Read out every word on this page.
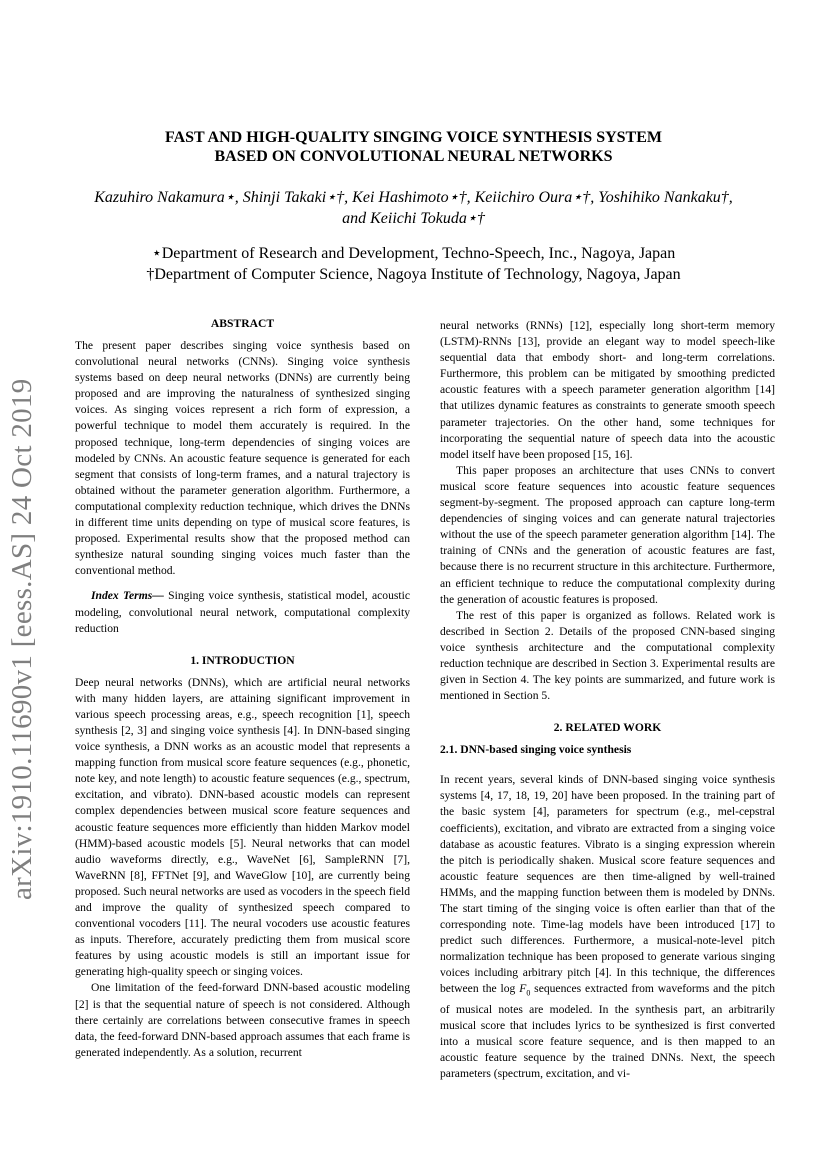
arXiv:1910.11690v1 [eess.AS] 24 Oct 2019
FAST AND HIGH-QUALITY SINGING VOICE SYNTHESIS SYSTEM
BASED ON CONVOLUTIONAL NEURAL NETWORKS
Kazuhiro Nakamura⋆, Shinji Takaki⋆†, Kei Hashimoto⋆†, Keiichiro Oura⋆†, Yoshihiko Nankaku†,
and Keiichi Tokuda⋆†
⋆Department of Research and Development, Techno-Speech, Inc., Nagoya, Japan
†Department of Computer Science, Nagoya Institute of Technology, Nagoya, Japan

ABSTRACT

The present paper describes singing voice synthesis based on convolutional neural networks (CNNs). Singing voice synthesis systems based on deep neural networks (DNNs) are currently being proposed and are improving the naturalness of synthesized singing voices. As singing voices represent a rich form of expression, a powerful technique to model them accurately is required. In the proposed technique, long-term dependencies of singing voices are modeled by CNNs. An acoustic feature sequence is generated for each segment that consists of long-term frames, and a natural trajectory is obtained without the parameter generation algorithm. Furthermore, a computational complexity reduction technique, which drives the DNNs in different time units depending on type of musical score features, is proposed. Experimental results show that the proposed method can synthesize natural sounding singing voices much faster than the conventional method.

Index Terms— Singing voice synthesis, statistical model, acoustic modeling, convolutional neural network, computational complexity reduction

1. INTRODUCTION

Deep neural networks (DNNs), which are artificial neural networks with many hidden layers, are attaining significant improvement in various speech processing areas, e.g., speech recognition [1], speech synthesis [2, 3] and singing voice synthesis [4]. In DNN-based singing voice synthesis, a DNN works as an acoustic model that represents a mapping function from musical score feature sequences (e.g., phonetic, note key, and note length) to acoustic feature sequences (e.g., spectrum, excitation, and vibrato). DNN-based acoustic models can represent complex dependencies between musical score feature sequences and acoustic feature sequences more efficiently than hidden Markov model (HMM)-based acoustic models [5]. Neural networks that can model audio waveforms directly, e.g., WaveNet [6], SampleRNN [7], WaveRNN [8], FFTNet [9], and WaveGlow [10], are currently being proposed. Such neural networks are used as vocoders in the speech field and improve the quality of synthesized speech compared to conventional vocoders [11]. The neural vocoders use acoustic features as inputs. Therefore, accurately predicting them from musical score features by using acoustic models is still an important issue for generating high-quality speech or singing voices.

One limitation of the feed-forward DNN-based acoustic modeling [2] is that the sequential nature of speech is not considered. Although there certainly are correlations between consecutive frames in speech data, the feed-forward DNN-based approach assumes that each frame is generated independently. As a solution, recurrent

neural networks (RNNs) [12], especially long short-term memory (LSTM)-RNNs [13], provide an elegant way to model speech-like sequential data that embody short- and long-term correlations. Furthermore, this problem can be mitigated by smoothing predicted acoustic features with a speech parameter generation algorithm [14] that utilizes dynamic features as constraints to generate smooth speech parameter trajectories. On the other hand, some techniques for incorporating the sequential nature of speech data into the acoustic model itself have been proposed [15, 16].

This paper proposes an architecture that uses CNNs to convert musical score feature sequences into acoustic feature sequences segment-by-segment. The proposed approach can capture long-term dependencies of singing voices and can generate natural trajectories without the use of the speech parameter generation algorithm [14]. The training of CNNs and the generation of acoustic features are fast, because there is no recurrent structure in this architecture. Furthermore, an efficient technique to reduce the computational complexity during the generation of acoustic features is proposed.

The rest of this paper is organized as follows. Related work is described in Section 2. Details of the proposed CNN-based singing voice synthesis architecture and the computational complexity reduction technique are described in Section 3. Experimental results are given in Section 4. The key points are summarized, and future work is mentioned in Section 5.

2. RELATED WORK

2.1. DNN-based singing voice synthesis

In recent years, several kinds of DNN-based singing voice synthesis systems [4, 17, 18, 19, 20] have been proposed. In the training part of the basic system [4], parameters for spectrum (e.g., mel-cepstral coefficients), excitation, and vibrato are extracted from a singing voice database as acoustic features. Vibrato is a singing expression wherein the pitch is periodically shaken. Musical score feature sequences and acoustic feature sequences are then time-aligned by well-trained HMMs, and the mapping function between them is modeled by DNNs. The start timing of the singing voice is often earlier than that of the corresponding note. Time-lag models have been introduced [17] to predict such differences. Furthermore, a musical-note-level pitch normalization technique has been proposed to generate various singing voices including arbitrary pitch [4]. In this technique, the differences between the $\log F_0$ sequences extracted from waveforms and the pitch of musical notes are modeled. In the synthesis part, an arbitrarily musical score that includes lyrics to be synthesized is first converted into a musical score feature sequence, and is then mapped to an acoustic feature sequence by the trained DNNs. Next, the speech parameters (spectrum, excitation, and vi-
